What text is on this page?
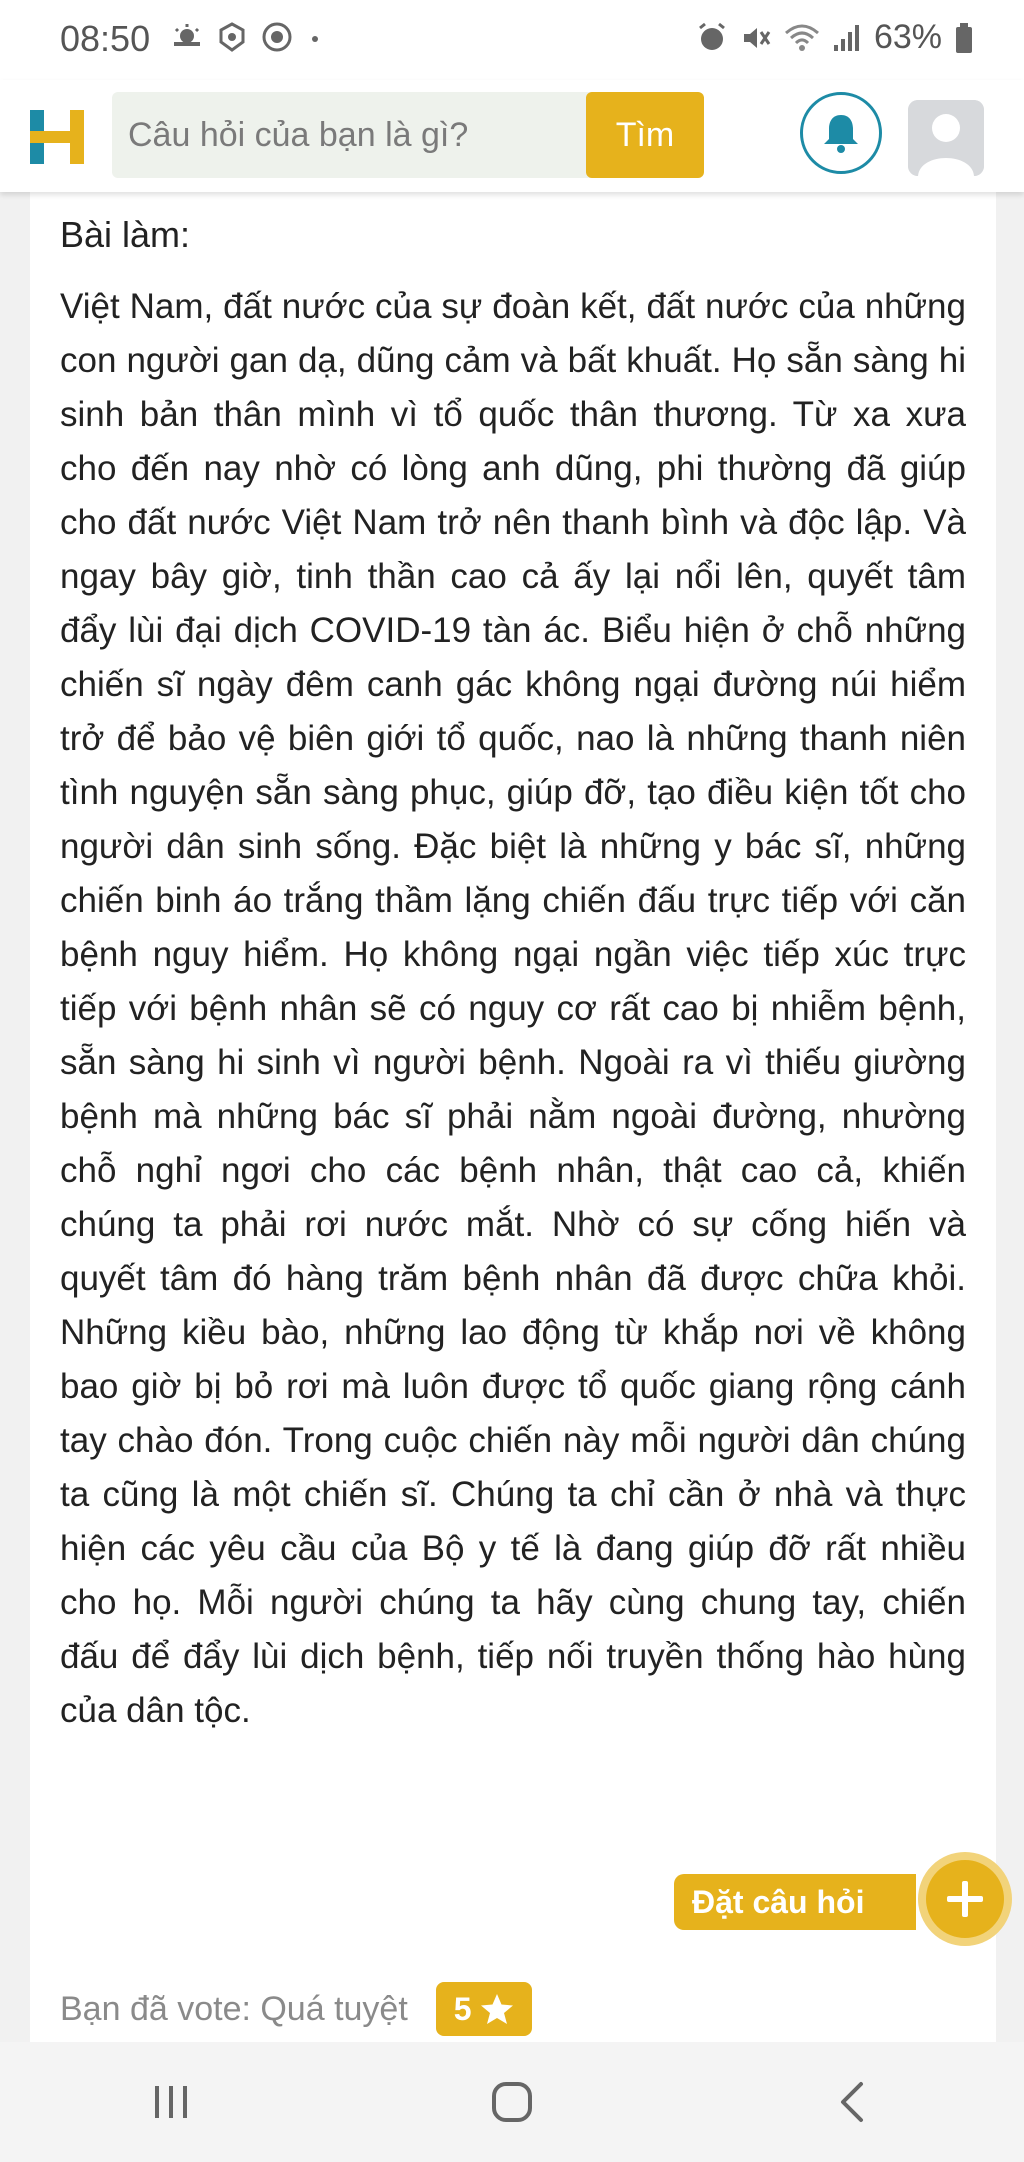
08:50	63%
Câu hỏi của bạn là gì?
Tìm
Bài làm:

Việt Nam, đất nước của sự đoàn kết, đất nước của những con người gan dạ, dũng cảm và bất khuất. Họ sẵn sàng hi sinh bản thân mình vì tổ quốc thân thương. Từ xa xưa cho đến nay nhờ có lòng anh dũng, phi thường đã giúp cho đất nước Việt Nam trở nên thanh bình và độc lập. Và ngay bây giờ, tinh thần cao cả ấy lại nổi lên, quyết tâm đẩy lùi đại dịch COVID-19 tàn ác. Biểu hiện ở chỗ những chiến sĩ ngày đêm canh gác không ngại đường núi hiểm trở để bảo vệ biên giới tổ quốc, nao là những thanh niên tình nguyện sẵn sàng phục, giúp đỡ, tạo điều kiện tốt cho người dân sinh sống. Đặc biệt là những y bác sĩ, những chiến binh áo trắng thầm lặng chiến đấu trực tiếp với căn bệnh nguy hiểm. Họ không ngại ngần việc tiếp xúc trực tiếp với bệnh nhân sẽ có nguy cơ rất cao bị nhiễm bệnh, sẵn sàng hi sinh vì người bệnh. Ngoài ra vì thiếu giường bệnh mà những bác sĩ phải nằm ngoài đường, nhường chỗ nghỉ ngơi cho các bệnh nhân, thật cao cả, khiến chúng ta phải rơi nước mắt. Nhờ có sự cống hiến và quyết tâm đó hàng trăm bệnh nhân đã được chữa khỏi. Những kiều bào, những lao động từ khắp nơi về không bao giờ bị bỏ rơi mà luôn được tổ quốc giang rộng cánh tay chào đón. Trong cuộc chiến này mỗi người dân chúng ta cũng là một chiến sĩ. Chúng ta chỉ cần ở nhà và thực hiện các yêu cầu của Bộ y tế là đang giúp đỡ rất nhiều cho họ. Mỗi người chúng ta hãy cùng chung tay, chiến đấu để đẩy lùi dịch bệnh, tiếp nối truyền thống hào hùng của dân tộc.

Bạn đã vote: Quá tuyệt 5
Đặt câu hỏi
